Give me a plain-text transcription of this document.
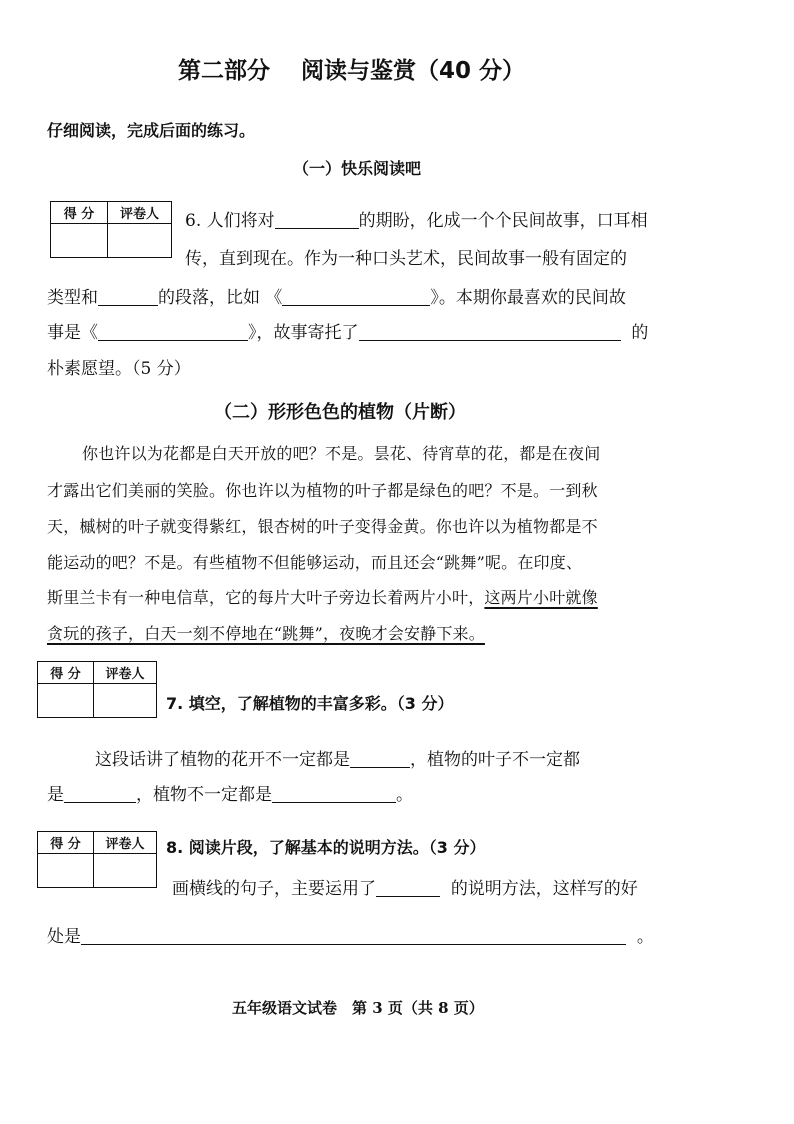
第二部分　 阅读与鉴赏（40 分）
仔细阅读，完成后面的练习。
（一）快乐阅读吧
得 分	评卷人
	6. 人们将对	的期盼，化成一个个民间故事，口耳相
传，直到现在。作为一种口头艺术，民间故事一般有固定的
类型和	的段落，比如 《	》。本期你最喜欢的民间故
事是《	》，故事寄托了	的
朴素愿望。（5 分）
（二）形形色色的植物（片断）
你也许以为花都是白天开放的吧？不是。昙花、待宵草的花，都是在夜间
才露出它们美丽的笑脸。你也许以为植物的叶子都是绿色的吧？不是。一到秋
天，槭树的叶子就变得紫红，银杏树的叶子变得金黄。你也许以为植物都是不
能运动的吧？不是。有些植物不但能够运动，而且还会“跳舞”呢。在印度、
斯里兰卡有一种电信草，它的每片大叶子旁边长着两片小叶，这两片小叶就像
贪玩的孩子，白天一刻不停地在“跳舞”，夜晚才会安静下来。
得 分	评卷人

7. 填空，了解植物的丰富多彩。（3 分）
这段话讲了植物的花开不一定都是	，植物的叶子不一定都
是	，植物不一定都是	。
得 分	评卷人
	8. 阅读片段，了解基本的说明方法。（3 分）
画横线的句子，主要运用了	的说明方法，这样写的好
处是	。
五年级语文试卷　第 3 页（共 8 页）
